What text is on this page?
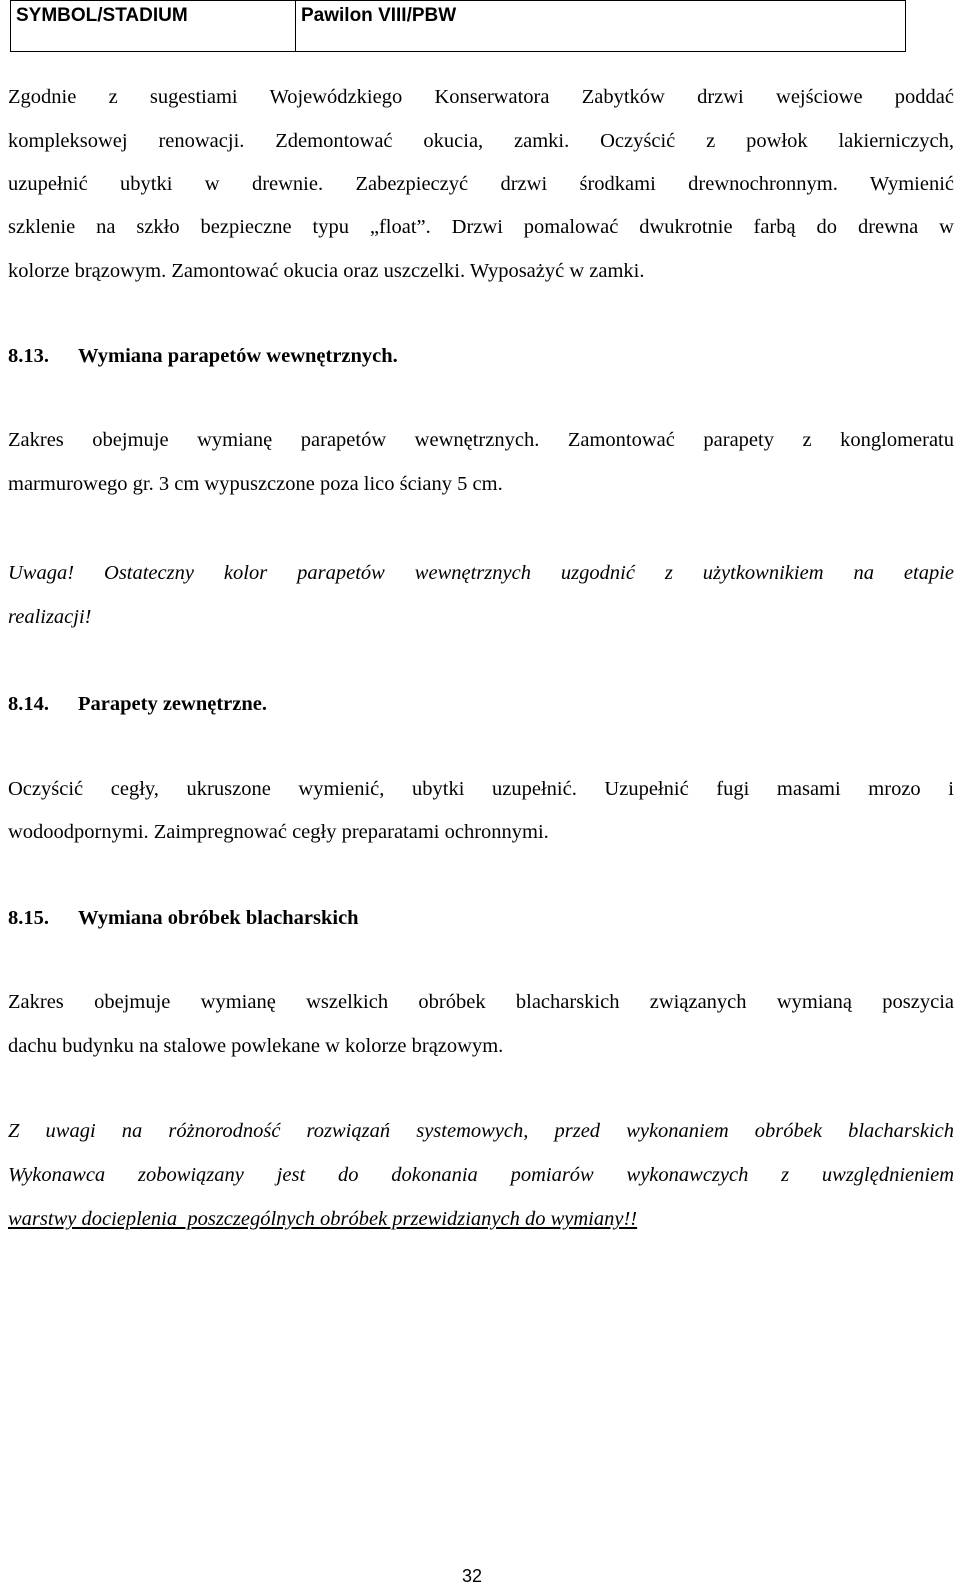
SYMBOL/STADIUM	Pawilon VIII/PBW
Zgodnie z sugestiami Wojewódzkiego Konserwatora Zabytków drzwi wejściowe poddać
kompleksowej renowacji. Zdemontować okucia, zamki. Oczyścić z powłok lakierniczych,
uzupełnić ubytki w drewnie. Zabezpieczyć drzwi środkami drewnochronnym. Wymienić
szklenie na szkło bezpieczne typu „float”. Drzwi pomalować dwukrotnie farbą do drewna w
kolorze brązowym. Zamontować okucia oraz uszczelki. Wyposażyć w zamki.
8.13. Wymiana parapetów wewnętrznych.
Zakres obejmuje wymianę parapetów wewnętrznych. Zamontować parapety z konglomeratu
marmurowego gr. 3 cm wypuszczone poza lico ściany 5 cm.
Uwaga! Ostateczny kolor parapetów wewnętrznych uzgodnić z użytkownikiem na etapie
realizacji!
8.14. Parapety zewnętrzne.
Oczyścić cegły, ukruszone wymienić, ubytki uzupełnić. Uzupełnić fugi masami mrozo i
wodoodpornymi. Zaimpregnować cegły preparatami ochronnymi.
8.15. Wymiana obróbek blacharskich
Zakres obejmuje wymianę wszelkich obróbek blacharskich związanych wymianą poszycia
dachu budynku na stalowe powlekane w kolorze brązowym.
Z uwagi na różnorodność rozwiązań systemowych, przed wykonaniem obróbek blacharskich
Wykonawca zobowiązany jest do dokonania pomiarów wykonawczych z uwzględnieniem
warstwy docieplenia  poszczególnych obróbek przewidzianych do wymiany!!
32
